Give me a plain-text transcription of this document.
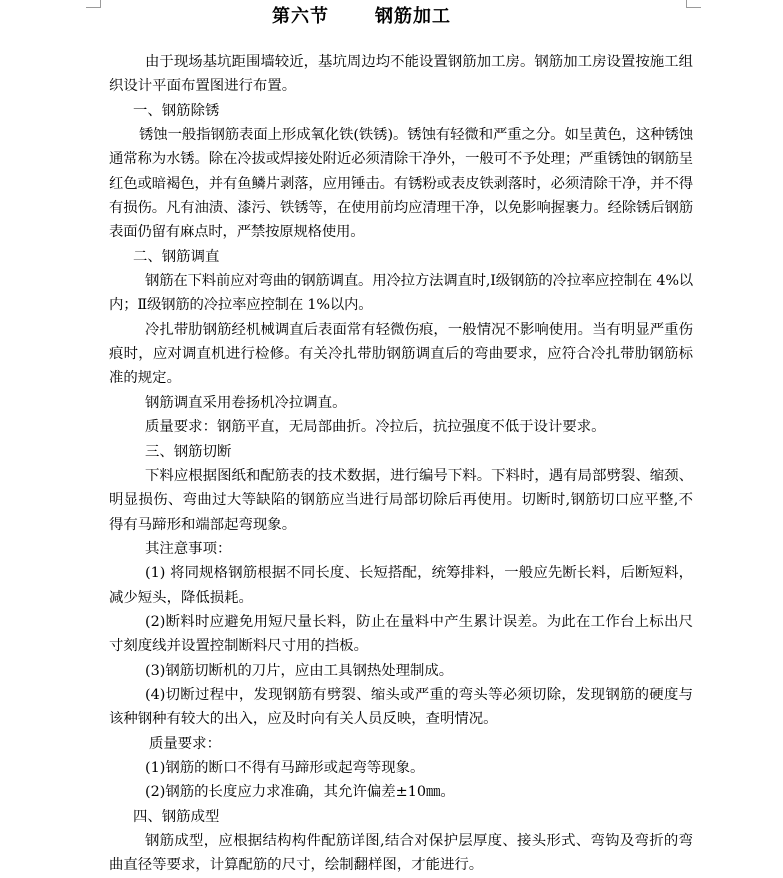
第六节	钢筋加工

由于现场基坑距围墙较近，基坑周边均不能设置钢筋加工房。钢筋加工房设置按施工组织设计平面布置图进行布置。

一、钢筋除锈

锈蚀一般指钢筋表面上形成氧化铁(铁锈)。锈蚀有轻微和严重之分。如呈黄色，这种锈蚀通常称为水锈。除在冷拔或焊接处附近必须清除干净外，一般可不予处理；严重锈蚀的钢筋呈红色或暗褐色，并有鱼鳞片剥落，应用锤击。有锈粉或表皮铁剥落时，必须清除干净，并不得有损伤。凡有油渍、漆污、铁锈等，在使用前均应清理干净，以免影响握裹力。经除锈后钢筋表面仍留有麻点时，严禁按原规格使用。

二、钢筋调直

钢筋在下料前应对弯曲的钢筋调直。用冷拉方法调直时,Ⅰ级钢筋的冷拉率应控制在 4%以内；Ⅱ级钢筋的冷拉率应控制在 1%以内。

冷扎带肋钢筋经机械调直后表面常有轻微伤痕，一般情况不影响使用。当有明显严重伤痕时，应对调直机进行检修。有关冷扎带肋钢筋调直后的弯曲要求，应符合冷扎带肋钢筋标准的规定。

钢筋调直采用卷扬机冷拉调直。

质量要求：钢筋平直，无局部曲折。冷拉后，抗拉强度不低于设计要求。

三、钢筋切断

下料应根据图纸和配筋表的技术数据，进行编号下料。下料时，遇有局部劈裂、缩颈、明显损伤、弯曲过大等缺陷的钢筋应当进行局部切除后再使用。切断时,钢筋切口应平整,不得有马蹄形和端部起弯现象。

其注意事项：

(1) 将同规格钢筋根据不同长度、长短搭配，统筹排料，一般应先断长料，后断短料，减少短头，降低损耗。

(2)断料时应避免用短尺量长料，防止在量料中产生累计误差。为此在工作台上标出尺寸刻度线并设置控制断料尺寸用的挡板。

(3)钢筋切断机的刀片，应由工具钢热处理制成。

(4)切断过程中，发现钢筋有劈裂、缩头或严重的弯头等必须切除，发现钢筋的硬度与该种钢种有较大的出入，应及时向有关人员反映，查明情况。

质量要求：

(1)钢筋的断口不得有马蹄形或起弯等现象。

(2)钢筋的长度应力求准确，其允许偏差±10㎜。

四、钢筋成型

钢筋成型，应根据结构构件配筋详图,结合对保护层厚度、接头形式、弯钩及弯折的弯曲直径等要求，计算配筋的尺寸，绘制翻样图，才能进行。
